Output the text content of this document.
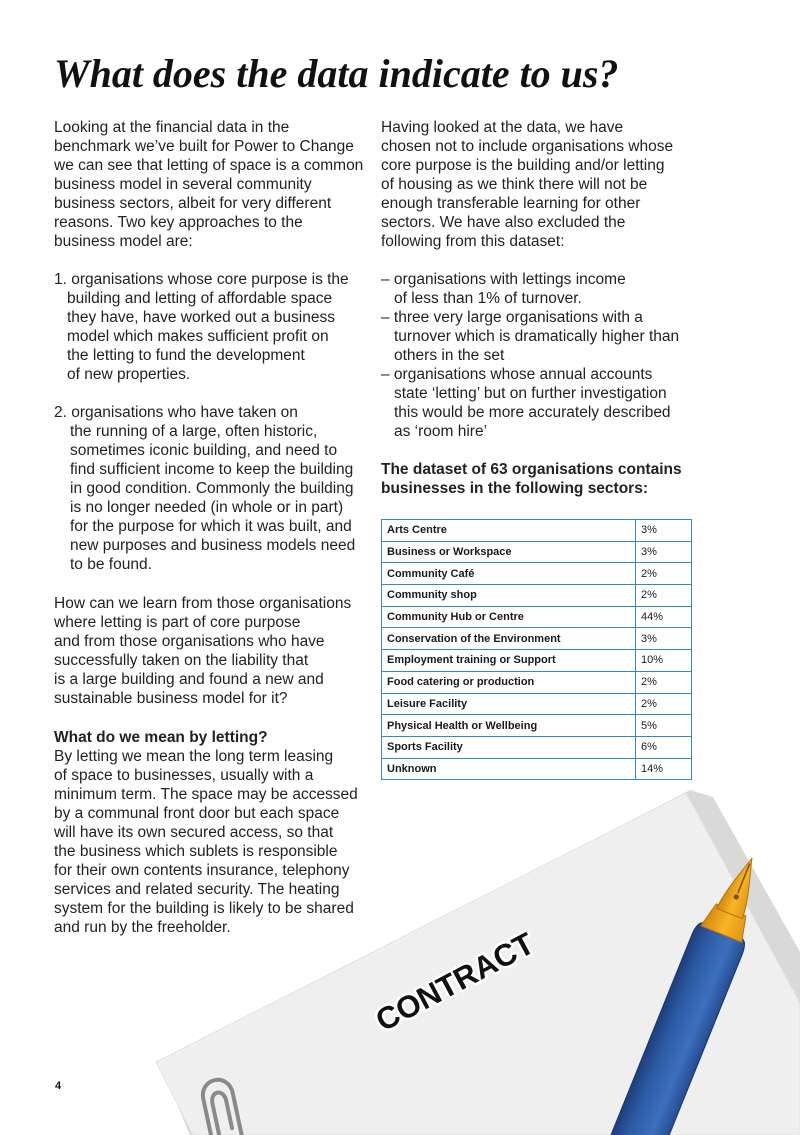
CONTRACT
What does the data indicate to us?
Looking at the financial data in the
benchmark we’ve built for Power to Change
we can see that letting of space is a common
business model in several community
business sectors, albeit for very different
reasons. Two key approaches to the
business model are:
1. organisations whose core purpose is the
building and letting of affordable space
they have, have worked out a business
model which makes sufficient profit on
the letting to fund the development
of new properties.
2. organisations who have taken on
the running of a large, often historic,
sometimes iconic building, and need to
find sufficient income to keep the building
in good condition. Commonly the building
is no longer needed (in whole or in part)
for the purpose for which it was built, and
new purposes and business models need
to be found.
How can we learn from those organisations
where letting is part of core purpose
and from those organisations who have
successfully taken on the liability that
is a large building and found a new and
sustainable business model for it?
What do we mean by letting?
By letting we mean the long term leasing
of space to businesses, usually with a
minimum term. The space may be accessed
by a communal front door but each space
will have its own secured access, so that
the business which sublets is responsible
for their own contents insurance, telephony
services and related security. The heating
system for the building is likely to be shared
and run by the freeholder.
Having looked at the data, we have
chosen not to include organisations whose
core purpose is the building and/or letting
of housing as we think there will not be
enough transferable learning for other
sectors. We have also excluded the
following from this dataset:
– organisations with lettings income
of less than 1% of turnover.
– three very large organisations with a
turnover which is dramatically higher than
others in the set
– organisations whose annual accounts
state ‘letting’ but on further investigation
this would be more accurately described
as ‘room hire’
The dataset of 63 organisations contains
businesses in the following sectors:
Arts Centre	3%
Business or Workspace	3%
Community Café	2%
Community shop	2%
Community Hub or Centre	44%
Conservation of the Environment	3%
Employment training or Support	10%
Food catering or production	2%
Leisure Facility	2%
Physical Health or Wellbeing	5%
Sports Facility	6%
Unknown	14%
4
